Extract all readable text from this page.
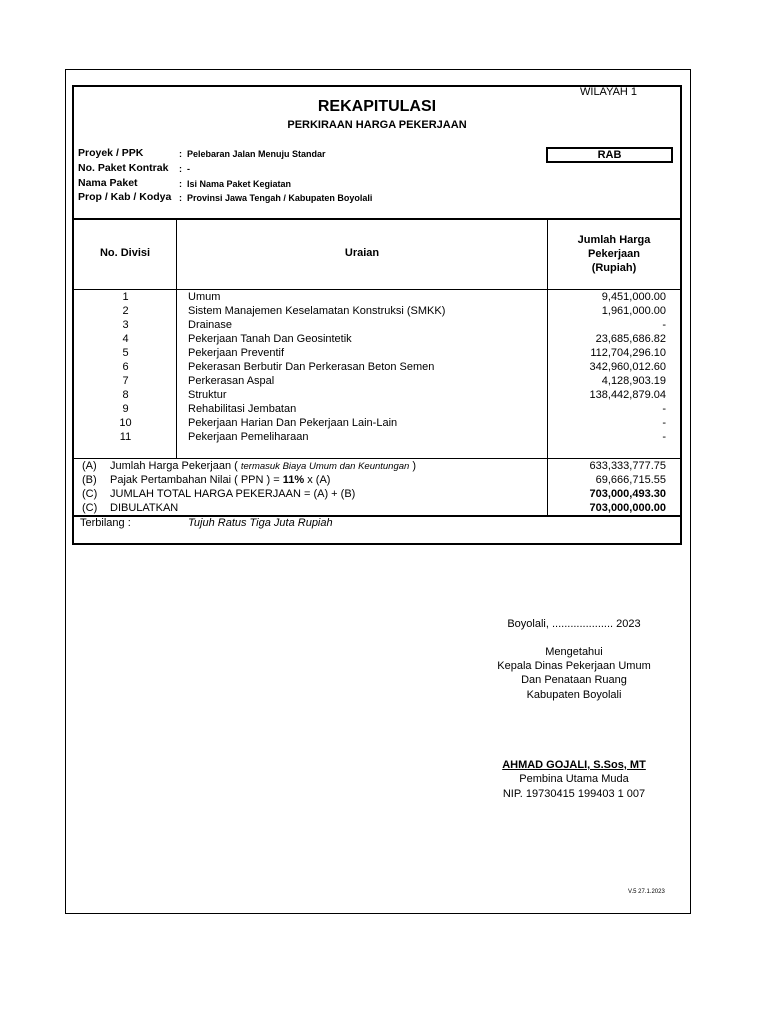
WILAYAH 1
REKAPITULASI
PERKIRAAN HARGA PEKERJAAN
Proyek / PPK	: Pelebaran Jalan Menuju Standar
No. Paket Kontrak : -
Nama Paket	: Isi Nama Paket Kegiatan
Prop / Kab / Kodya : Provinsi Jawa Tengah / Kabupaten Boyolali
RAB
No. Divisi	Uraian
Jumlah Harga
Pekerjaan
(Rupiah)
1	Umum	9,451,000.00
2	Sistem Manajemen Keselamatan Konstruksi (SMKK)	1,961,000.00
3	Drainase	-
4	Pekerjaan Tanah Dan Geosintetik	23,685,686.82
5	Pekerjaan Preventif	112,704,296.10
6	Pekerasan Berbutir Dan Perkerasan Beton Semen	342,960,012.60
7	Perkerasan Aspal	4,128,903.19
8	Struktur	138,442,879.04
9	Rehabilitasi Jembatan	-
10	Pekerjaan Harian Dan Pekerjaan Lain-Lain	-
11	Pekerjaan Pemeliharaan	-
(A) Jumlah Harga Pekerjaan ( termasuk Biaya Umum dan Keuntungan )	633,333,777.75
(B) Pajak Pertambahan Nilai ( PPN ) = 11% x (A)	69,666,715.55
(C) JUMLAH TOTAL HARGA PEKERJAAN = (A) + (B)	703,000,493.30
(C) DIBULATKAN	703,000,000.00
Terbilang :	Tujuh Ratus Tiga Juta Rupiah
Boyolali, .................... 2023
Mengetahui
Kepala Dinas Pekerjaan Umum
Dan Penataan Ruang
Kabupaten Boyolali
AHMAD GOJALI, S.Sos, MT
Pembina Utama Muda
NIP. 19730415 199403 1 007
V.5 27.1.2023
